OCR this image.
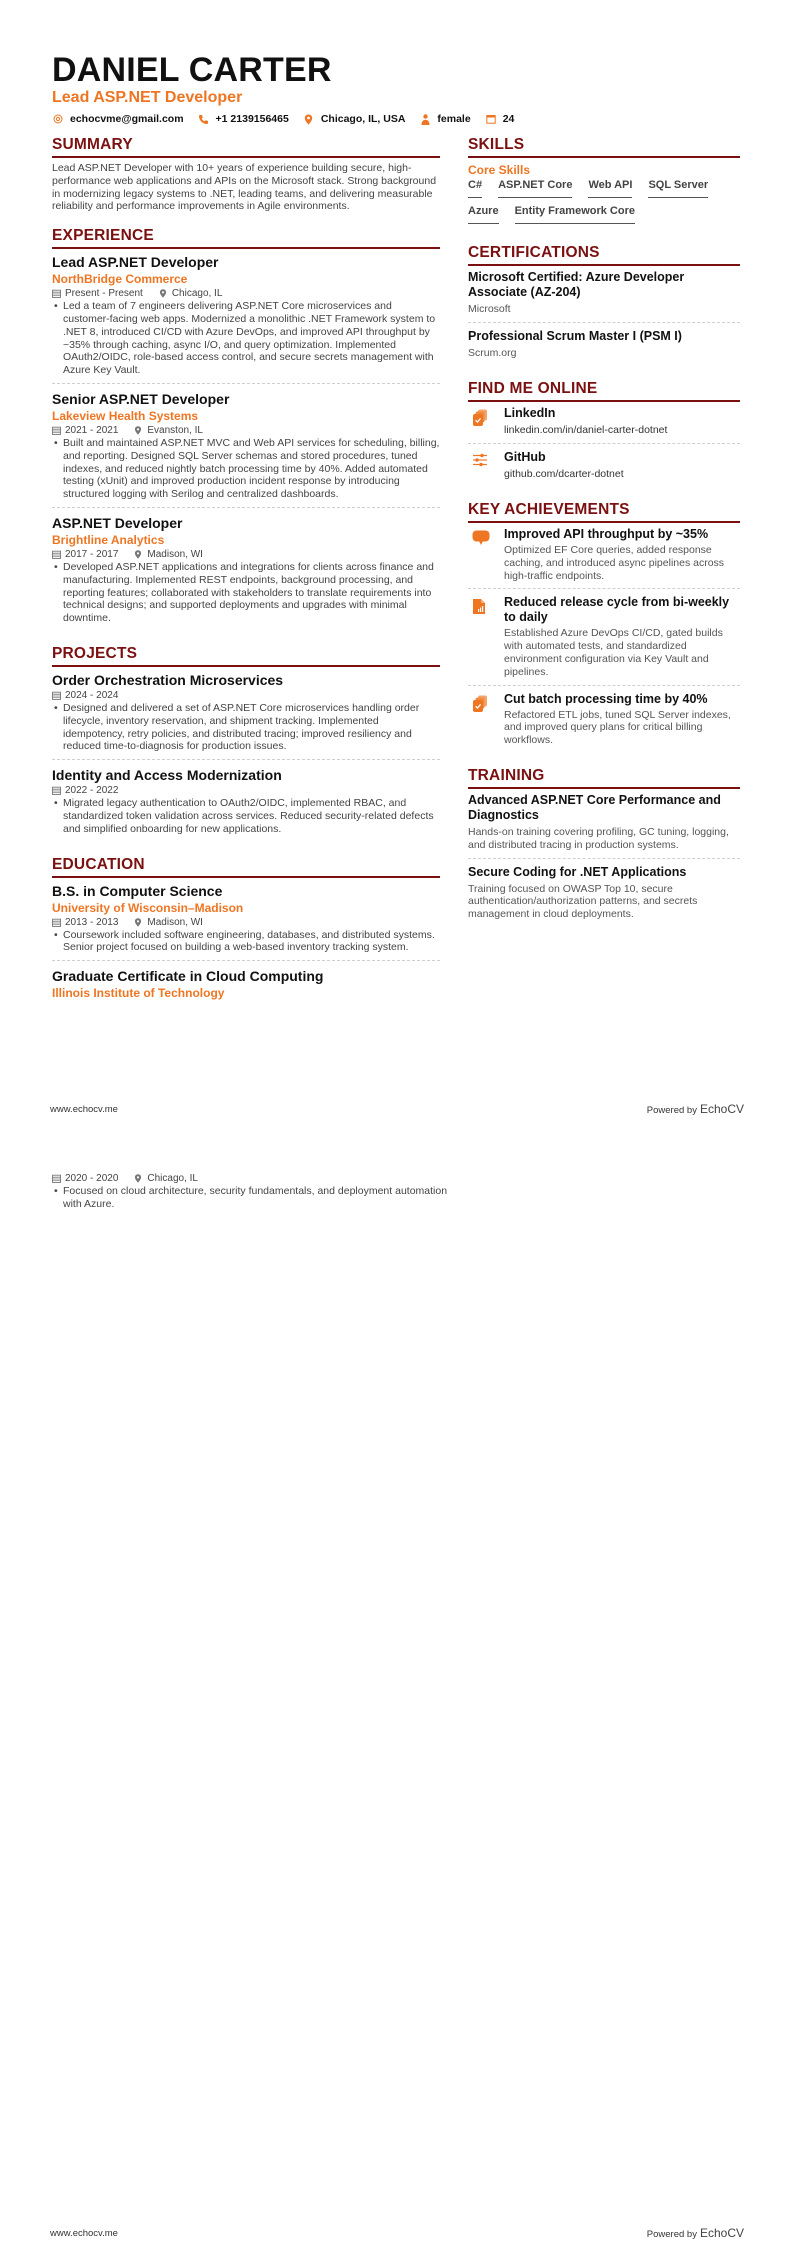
DANIEL CARTER
Lead ASP.NET Developer
echocvme@gmail.com	+1 2139156465	Chicago, IL, USA	female	24
SUMMARY
Lead ASP.NET Developer with 10+ years of experience building secure, high-performance web applications and APIs on the Microsoft stack. Strong background in modernizing legacy systems to .NET, leading teams, and delivering measurable reliability and performance improvements in Agile environments.
EXPERIENCE
Lead ASP.NET Developer
NorthBridge Commerce
Present - Present	Chicago, IL
• Led a team of 7 engineers delivering ASP.NET Core microservices and customer-facing web apps. Modernized a monolithic .NET Framework system to .NET 8, introduced CI/CD with Azure DevOps, and improved API throughput by ~35% through caching, async I/O, and query optimization. Implemented OAuth2/OIDC, role-based access control, and secure secrets management with Azure Key Vault.
Senior ASP.NET Developer
Lakeview Health Systems
2021 - 2021	Evanston, IL
• Built and maintained ASP.NET MVC and Web API services for scheduling, billing, and reporting. Designed SQL Server schemas and stored procedures, tuned indexes, and reduced nightly batch processing time by 40%. Added automated testing (xUnit) and improved production incident response by introducing structured logging with Serilog and centralized dashboards.
ASP.NET Developer
Brightline Analytics
2017 - 2017	Madison, WI
• Developed ASP.NET applications and integrations for clients across finance and manufacturing. Implemented REST endpoints, background processing, and reporting features; collaborated with stakeholders to translate requirements into technical designs; and supported deployments and upgrades with minimal downtime.
PROJECTS
Order Orchestration Microservices
2024 - 2024
• Designed and delivered a set of ASP.NET Core microservices handling order lifecycle, inventory reservation, and shipment tracking. Implemented idempotency, retry policies, and distributed tracing; improved resiliency and reduced time-to-diagnosis for production issues.
Identity and Access Modernization
2022 - 2022
• Migrated legacy authentication to OAuth2/OIDC, implemented RBAC, and standardized token validation across services. Reduced security-related defects and simplified onboarding for new applications.
EDUCATION
B.S. in Computer Science
University of Wisconsin–Madison
2013 - 2013	Madison, WI
• Coursework included software engineering, databases, and distributed systems. Senior project focused on building a web-based inventory tracking system.
Graduate Certificate in Cloud Computing
Illinois Institute of Technology
SKILLS
Core Skills
C# ASP.NET Core Web API SQL Server
Azure Entity Framework Core
CERTIFICATIONS
Microsoft Certified: Azure Developer Associate (AZ-204)
Microsoft
Professional Scrum Master I (PSM I)
Scrum.org
FIND ME ONLINE
LinkedIn
linkedin.com/in/daniel-carter-dotnet
GitHub
github.com/dcarter-dotnet
KEY ACHIEVEMENTS
Improved API throughput by ~35%
Optimized EF Core queries, added response caching, and introduced async pipelines across high-traffic endpoints.
Reduced release cycle from bi-weekly to daily
Established Azure DevOps CI/CD, gated builds with automated tests, and standardized environment configuration via Key Vault and pipelines.
Cut batch processing time by 40%
Refactored ETL jobs, tuned SQL Server indexes, and improved query plans for critical billing workflows.
TRAINING
Advanced ASP.NET Core Performance and Diagnostics
Hands-on training covering profiling, GC tuning, logging, and distributed tracing in production systems.
Secure Coding for .NET Applications
Training focused on OWASP Top 10, secure authentication/authorization patterns, and secrets management in cloud deployments.
www.echocv.me	Powered by EchoCV
2020 - 2020	Chicago, IL
• Focused on cloud architecture, security fundamentals, and deployment automation with Azure.
www.echocv.me	Powered by EchoCV
